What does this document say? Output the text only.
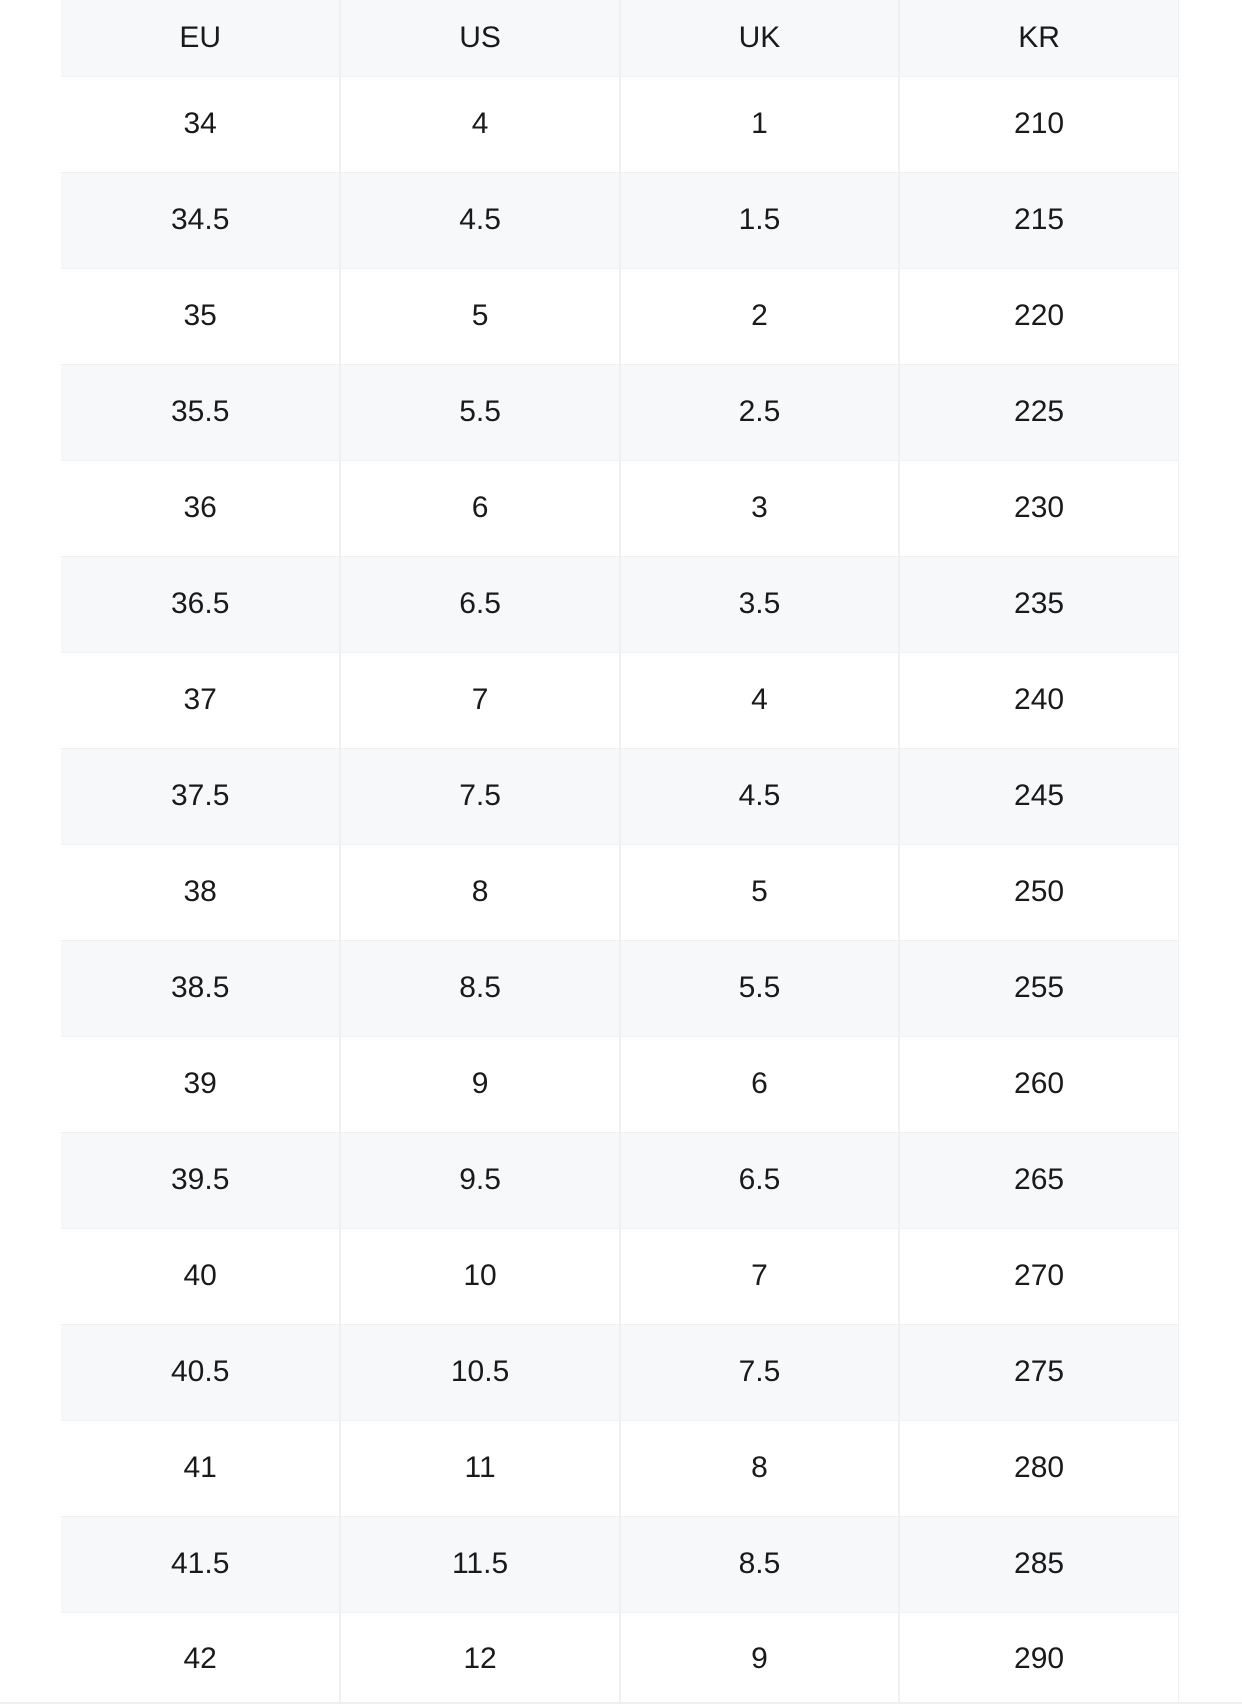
EU	US	UK	KR
34	4	1	210
34.5	4.5	1.5	215
35	5	2	220
35.5	5.5	2.5	225
36	6	3	230
36.5	6.5	3.5	235
37	7	4	240
37.5	7.5	4.5	245
38	8	5	250
38.5	8.5	5.5	255
39	9	6	260
39.5	9.5	6.5	265
40	10	7	270
40.5	10.5	7.5	275
41	11	8	280
41.5	11.5	8.5	285
42	12	9	290
